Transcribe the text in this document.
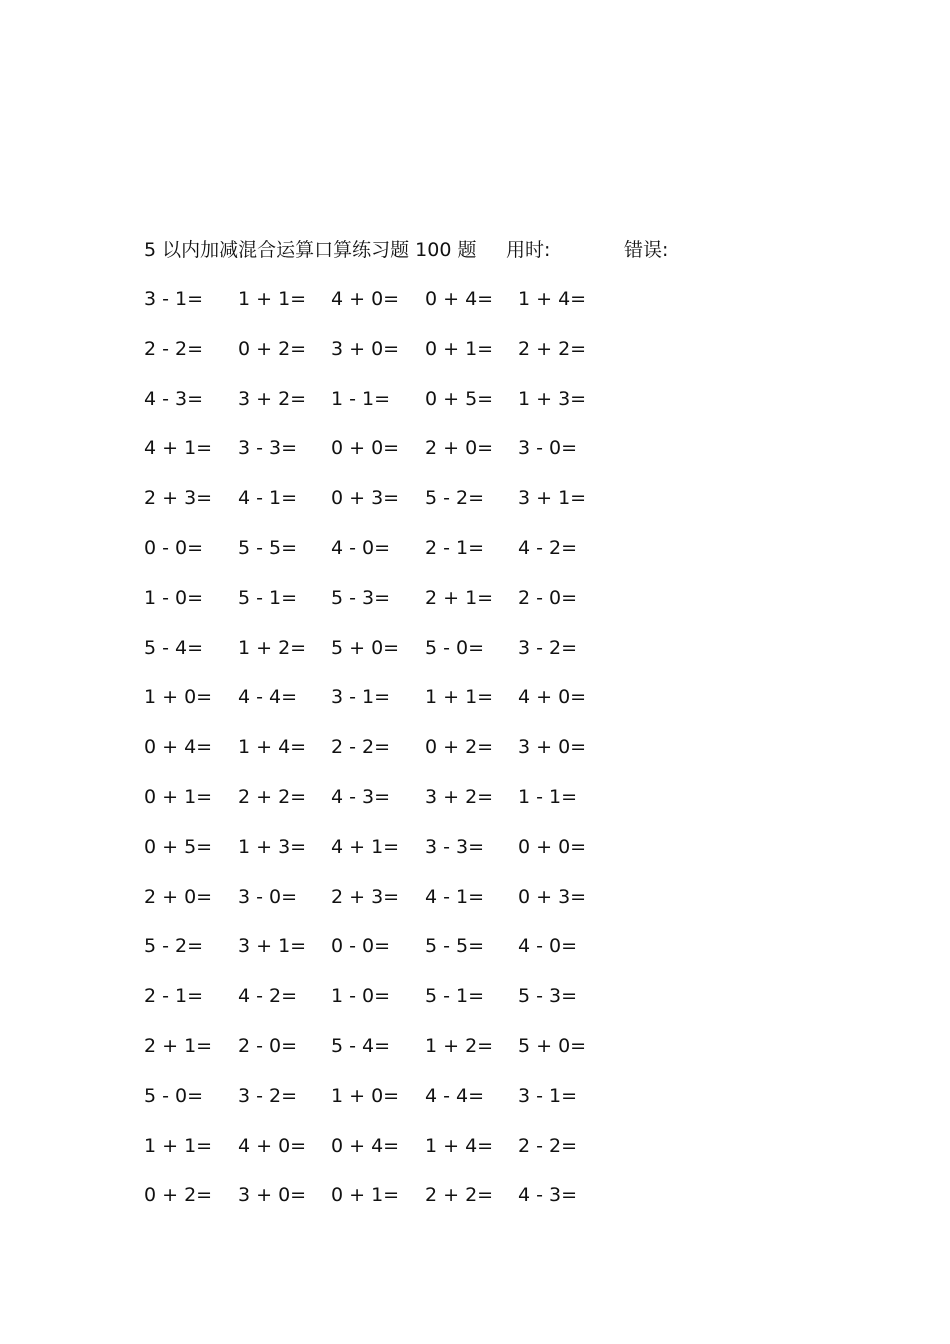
5 以内加减混合运算口算练习题 100 题 用时:	错误:
3 - 1= 1 + 1= 4 + 0= 0 + 4= 1 + 4=
2 - 2= 0 + 2= 3 + 0= 0 + 1= 2 + 2=
4 - 3= 3 + 2= 1 - 1= 0 + 5= 1 + 3=
4 + 1= 3 - 3= 0 + 0= 2 + 0= 3 - 0=
2 + 3= 4 - 1= 0 + 3= 5 - 2= 3 + 1=
0 - 0= 5 - 5= 4 - 0= 2 - 1= 4 - 2=
1 - 0= 5 - 1= 5 - 3= 2 + 1= 2 - 0=
5 - 4= 1 + 2= 5 + 0= 5 - 0= 3 - 2=
1 + 0= 4 - 4= 3 - 1= 1 + 1= 4 + 0=
0 + 4= 1 + 4= 2 - 2= 0 + 2= 3 + 0=
0 + 1= 2 + 2= 4 - 3= 3 + 2= 1 - 1=
0 + 5= 1 + 3= 4 + 1= 3 - 3= 0 + 0=
2 + 0= 3 - 0= 2 + 3= 4 - 1= 0 + 3=
5 - 2= 3 + 1= 0 - 0= 5 - 5= 4 - 0=
2 - 1= 4 - 2= 1 - 0= 5 - 1= 5 - 3=
2 + 1= 2 - 0= 5 - 4= 1 + 2= 5 + 0=
5 - 0= 3 - 2= 1 + 0= 4 - 4= 3 - 1=
1 + 1= 4 + 0= 0 + 4= 1 + 4= 2 - 2=
0 + 2= 3 + 0= 0 + 1= 2 + 2= 4 - 3=
